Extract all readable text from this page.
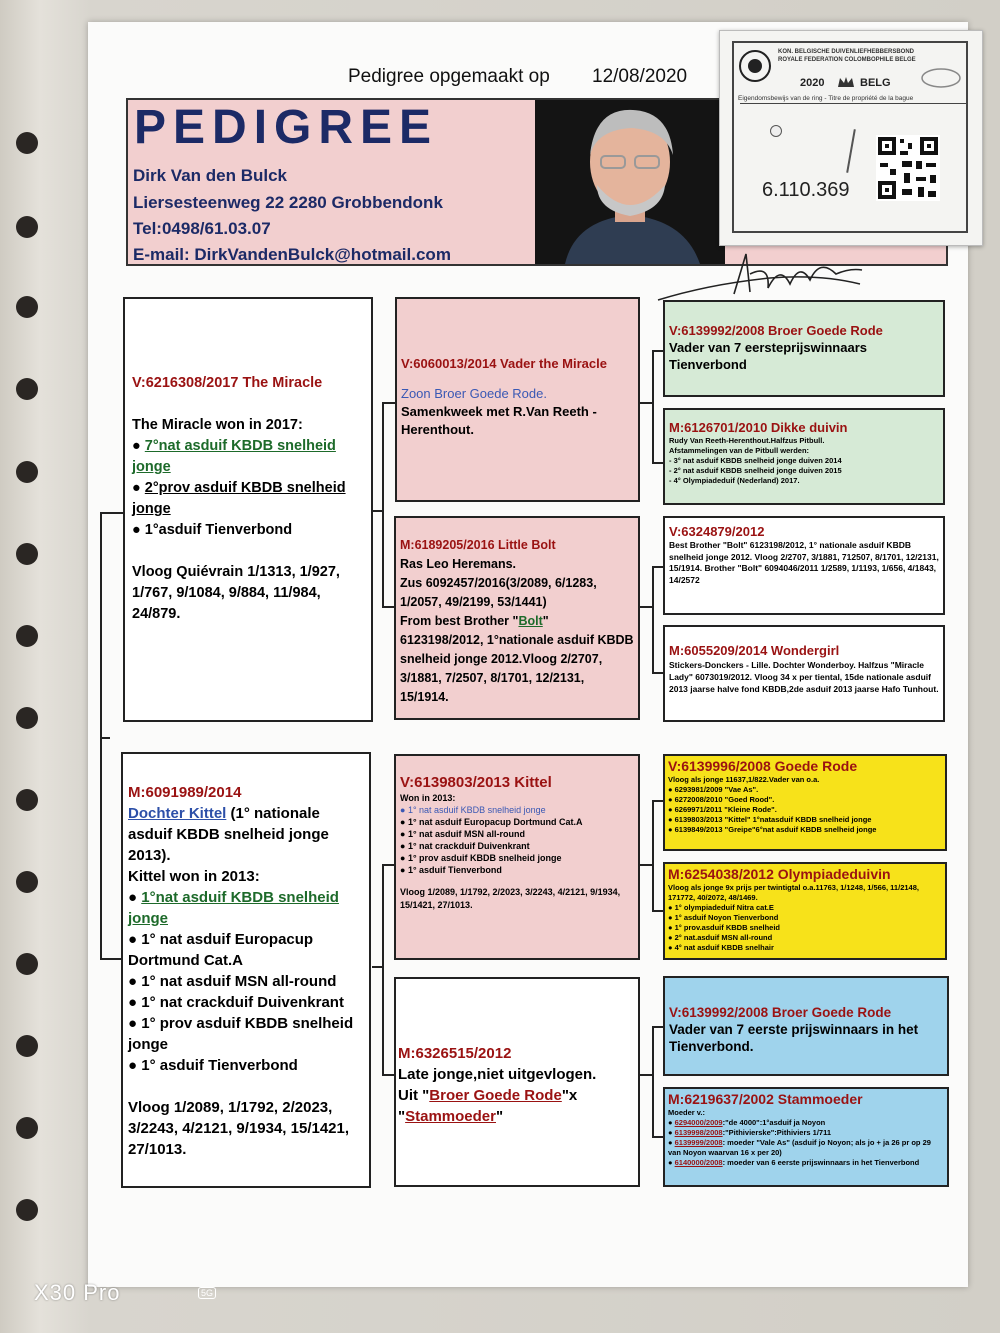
Pedigree opgemaakt op 12/08/2020
PEDIGREE
Dirk Van den Bulck
Liersesteenweg 22 2280 Grobbendonk
Tel:0498/61.03.07
E-mail: DirkVandenBulck@hotmail.com
KON. BELGISCHE DUIVENLIEFHEBBERSBOND
ROYALE FEDERATION COLOMBOPHILE BELGE
2020	BELG
Eigendomsbewijs van de ring - Titre de propriété de la bague
6.110.369
V:6216308/2017 The Miracle
The Miracle won in 2017:
● 7°nat asduif KBDB snelheid jonge
● 2°prov asduif KBDB snelheid jonge
● 1°asduif Tienverbond
Vloog Quiévrain 1/1313, 1/927, 1/767, 9/1084, 9/884, 11/984, 24/879.
M:6091989/2014
Dochter Kittel (1° nationale asduif KBDB snelheid jonge 2013).
Kittel won in 2013:
● 1°nat asduif KBDB snelheid jonge
● 1° nat asduif Europacup Dortmund Cat.A
● 1° nat asduif MSN all-round
● 1° nat crackduif Duivenkrant
● 1° prov asduif KBDB snelheid jonge
● 1° asduif Tienverbond
Vloog 1/2089, 1/1792, 2/2023, 3/2243, 4/2121, 9/1934, 15/1421, 27/1013.
V:6060013/2014 Vader the Miracle
Zoon Broer Goede Rode.
Samenkweek met R.Van Reeth - Herenthout.
M:6189205/2016 Little Bolt
Ras Leo Heremans.
Zus 6092457/2016(3/2089, 6/1283, 1/2057, 49/2199, 53/1441)
From best Brother "Bolt" 6123198/2012, 1°nationale asduif KBDB snelheid jonge 2012.Vloog 2/2707, 3/1881, 7/2507, 8/1701, 12/2131, 15/1914.
V:6139803/2013 Kittel
Won in 2013:
● 1° nat asduif KBDB snelheid jonge
● 1° nat asduif Europacup Dortmund Cat.A
● 1° nat asduif MSN all-round
● 1° nat crackduif Duivenkrant
● 1° prov asduif KBDB snelheid jonge
● 1° asduif Tienverbond
Vloog 1/2089, 1/1792, 2/2023, 3/2243, 4/2121, 9/1934, 15/1421, 27/1013.
M:6326515/2012
Late jonge,niet uitgevlogen.
Uit "Broer Goede Rode"x "Stammoeder"
V:6139992/2008 Broer Goede Rode
Vader van 7 eersteprijswinnaars Tienverbond
M:6126701/2010 Dikke duivin
Rudy Van Reeth-Herenthout.Halfzus Pitbull.
Afstammelingen van de Pitbull werden:
- 3° nat asduif KBDB snelheid jonge duiven 2014
- 2° nat asduif KBDB snelheid jonge duiven 2015
- 4° Olympiadeduif (Nederland) 2017.
V:6324879/2012
Best Brother "Bolt" 6123198/2012, 1° nationale asduif KBDB snelheid jonge 2012. Vloog 2/2707, 3/1881, 712507, 8/1701, 12/2131, 15/1914. Brother "Bolt" 6094046/2011 1/2589, 1/1193, 1/656, 4/1843, 14/2572
M:6055209/2014 Wondergirl
Stickers-Donckers - Lille. Dochter Wonderboy. Halfzus "Miracle Lady" 6073019/2012. Vloog 34 x per tiental, 15de nationale asduif 2013 jaarse halve fond KBDB,2de asduif 2013 jaarse Hafo Tunhout.
V:6139996/2008 Goede Rode
Vloog als jonge 11637,1/822.Vader van o.a.
● 6293981/2009 "Vae As".
● 6272008/2010 "Goed Rood".
● 6269971/2011 "Kleine Rode".
● 6139803/2013 "Kittel" 1°natasduif KBDB snelheid jonge
● 6139849/2013 "Greipe"6°nat asduif KBDB snelheid jonge
M:6254038/2012 Olympiadeduivin
Vloog als jonge 9x prijs per twintigtal o.a.11763, 1/1248, 1/566, 11/2148, 171772, 40/2072, 48/1469.
● 1° olympiadeduif Nitra cat.E
● 1° asduif Noyon Tienverbond
● 1° prov.asduif KBDB snelheid
● 2° nat.asduif MSN all-round
● 4° nat asduif KBDB snelhair
V:6139992/2008 Broer Goede Rode
Vader van 7 eerste prijswinnaars in het Tienverbond.
M:6219637/2002 Stammoeder
Moeder v.:
● 6294000/2009:"de 4000":1°asduif ja Noyon
● 6139998/2008:"Pithivierske":Pithiviers 1/711
● 6139999/2008: moeder "Vale As" (asduif jo Noyon; als jo + ja 26 pr op 29 van Noyon waarvan 16 x per 20)
● 6140000/2008: moeder van 6 eerste prijswinnaars in het Tienverbond
X30 Pro	5G
